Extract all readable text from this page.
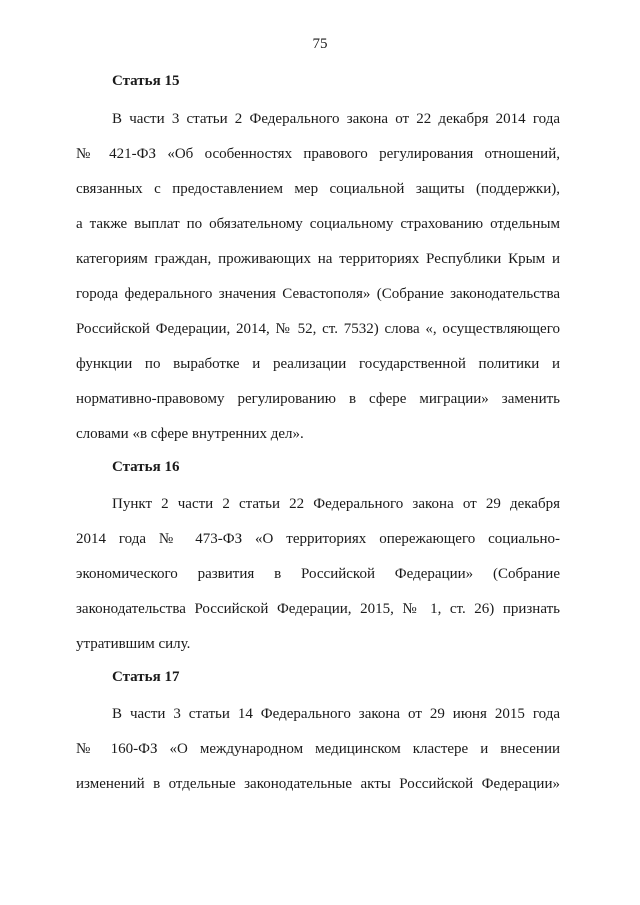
75
Статья 15
В части 3 статьи 2 Федерального закона от 22 декабря 2014 года
№ 421-ФЗ «Об особенностях правового регулирования отношений,
связанных с предоставлением мер социальной защиты (поддержки),
а также выплат по обязательному социальному страхованию отдельным
категориям граждан, проживающих на территориях Республики Крым и
города федерального значения Севастополя» (Собрание законодательства
Российской Федерации, 2014, № 52, ст. 7532) слова «, осуществляющего
функции по выработке и реализации государственной политики и
нормативно-правовому регулированию в сфере миграции» заменить
словами «в сфере внутренних дел».
Статья 16
Пункт 2 части 2 статьи 22 Федерального закона от 29 декабря
2014 года № 473-ФЗ «О территориях опережающего социально-
экономического развития в Российской Федерации» (Собрание
законодательства Российской Федерации, 2015, № 1, ст. 26) признать
утратившим силу.
Статья 17
В части 3 статьи 14 Федерального закона от 29 июня 2015 года
№ 160-ФЗ «О международном медицинском кластере и внесении
изменений в отдельные законодательные акты Российской Федерации»
